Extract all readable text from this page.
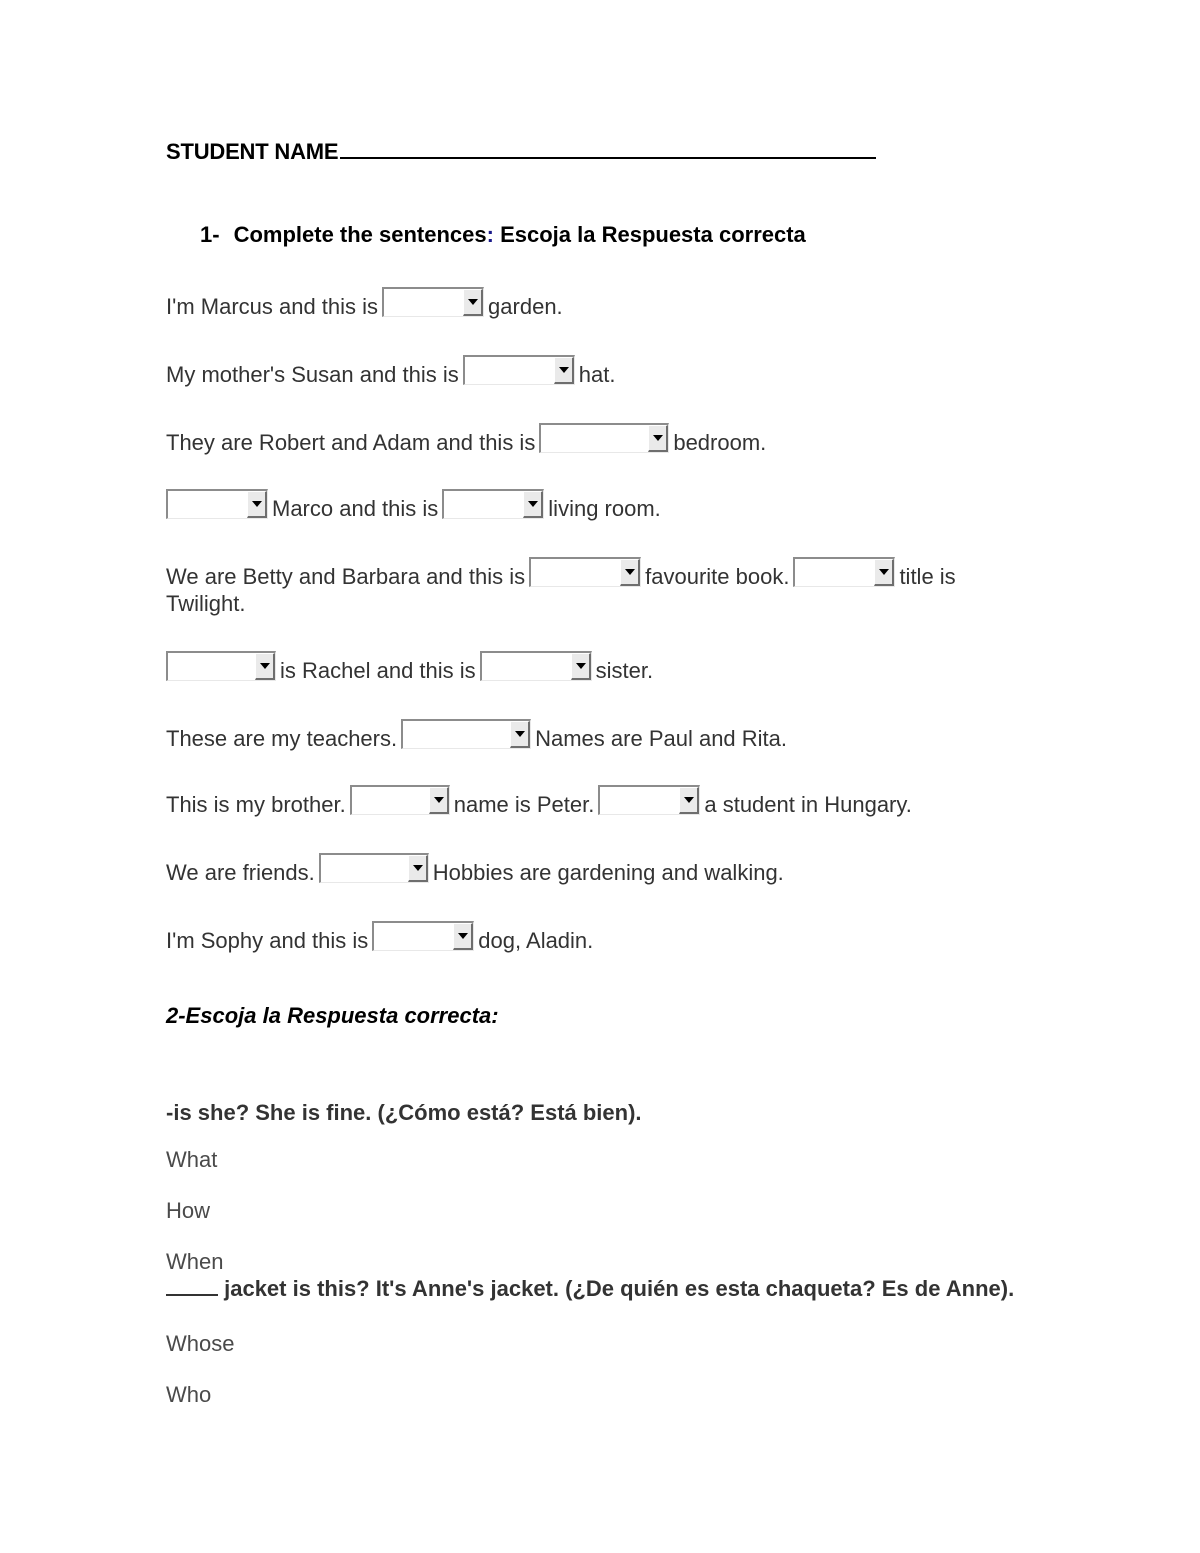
STUDENT NAME
1- Complete the sentences: Escoja la Respuesta correcta
I'm Marcus and this is	garden.
My mother's Susan and this is	hat.
They are Robert and Adam and this is	bedroom.
Marco and this is	living room.
We are Betty and Barbara and this is	favourite book.	title is Twilight.
is Rachel and this is	sister.
These are my teachers.	Names are Paul and Rita.
This is my brother.	name is Peter.	a student in Hungary.
We are friends.	Hobbies are gardening and walking.
I'm Sophy and this is	dog, Aladin.
2-Escoja la Respuesta correcta:
-is she? She is fine. (¿Cómo está? Está bien).
What
How
When
jacket is this? It's Anne's jacket. (¿De quién es esta chaqueta? Es de Anne).
Whose
Who
